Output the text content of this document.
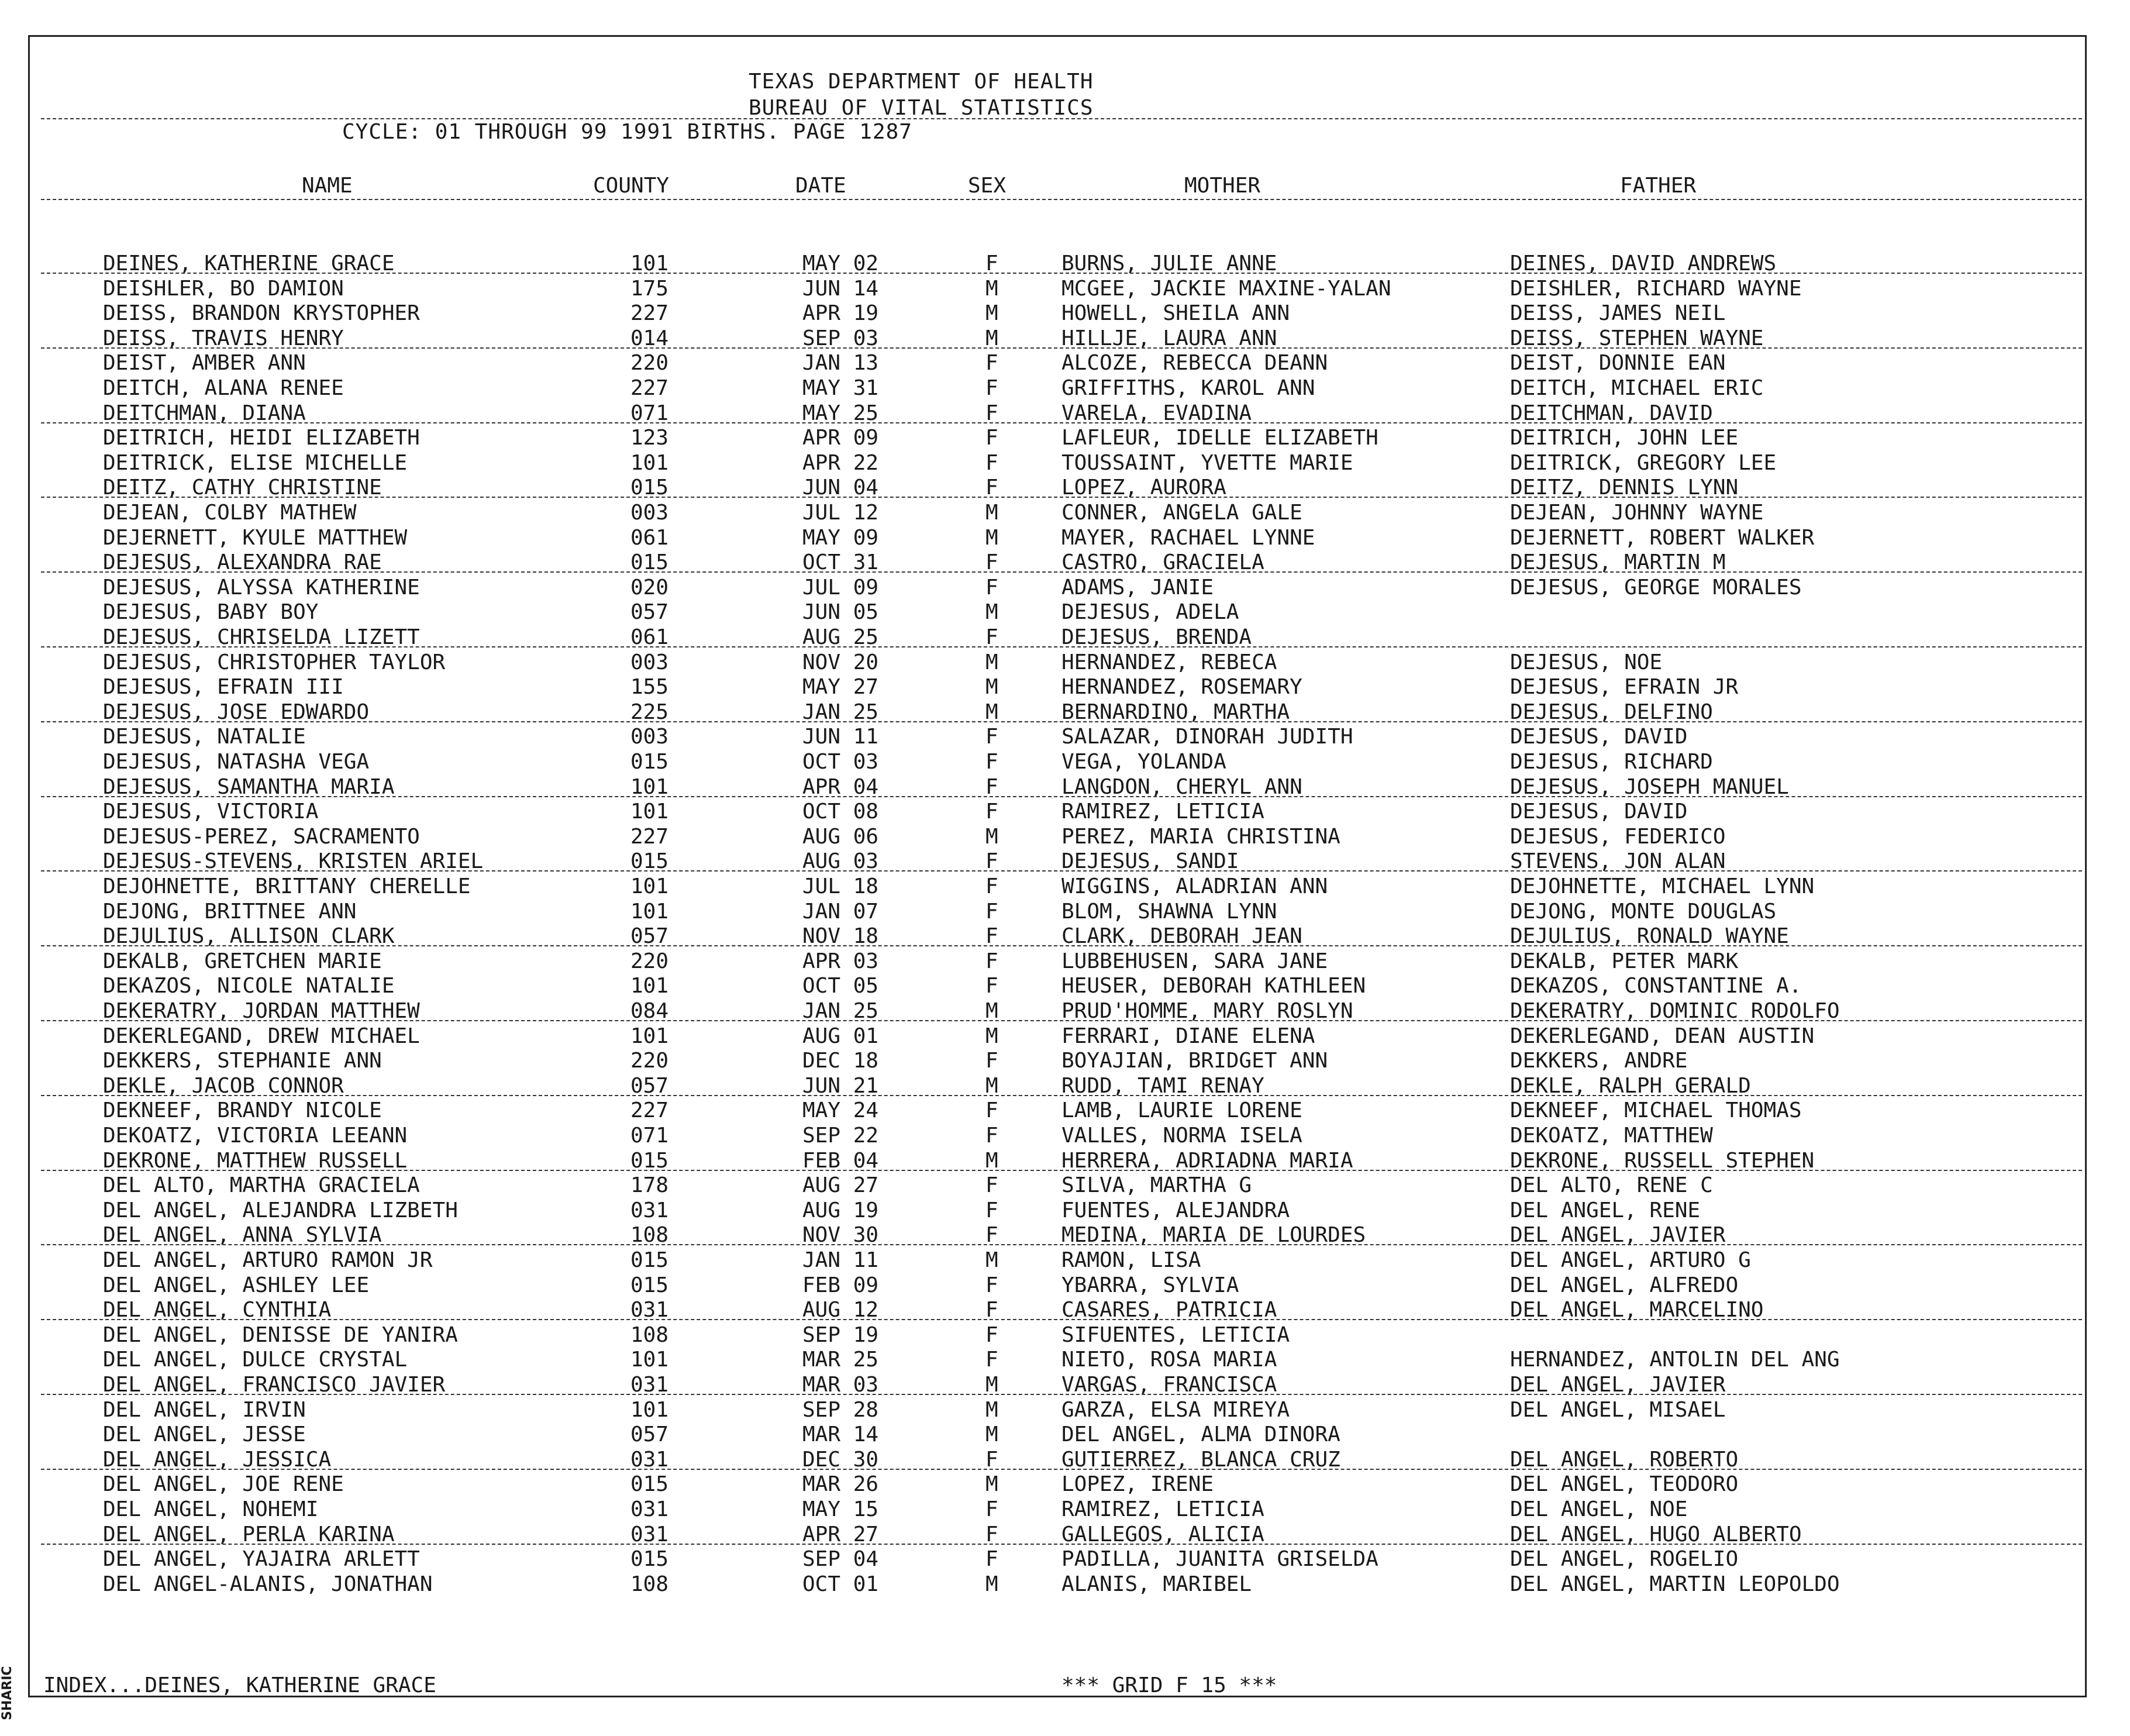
TEXAS DEPARTMENT OF HEALTH
BUREAU OF VITAL STATISTICS
CYCLE: 01 THROUGH 99 1991 BIRTHS. PAGE 1287
NAME	COUNTY	DATE	SEX	MOTHER	FATHER
DEINES, KATHERINE GRACE	101	MAY 02	F	BURNS, JULIE ANNE	DEINES, DAVID ANDREWS
DEISHLER, BO DAMION	175	JUN 14	M	MCGEE, JACKIE MAXINE-YALAN	DEISHLER, RICHARD WAYNE
DEISS, BRANDON KRYSTOPHER	227	APR 19	M	HOWELL, SHEILA ANN	DEISS, JAMES NEIL
DEISS, TRAVIS HENRY	014	SEP 03	M	HILLJE, LAURA ANN	DEISS, STEPHEN WAYNE
DEIST, AMBER ANN	220	JAN 13	F	ALCOZE, REBECCA DEANN	DEIST, DONNIE EAN
DEITCH, ALANA RENEE	227	MAY 31	F	GRIFFITHS, KAROL ANN	DEITCH, MICHAEL ERIC
DEITCHMAN, DIANA	071	MAY 25	F	VARELA, EVADINA	DEITCHMAN, DAVID
DEITRICH, HEIDI ELIZABETH	123	APR 09	F	LAFLEUR, IDELLE ELIZABETH	DEITRICH, JOHN LEE
DEITRICK, ELISE MICHELLE	101	APR 22	F	TOUSSAINT, YVETTE MARIE	DEITRICK, GREGORY LEE
DEITZ, CATHY CHRISTINE	015	JUN 04	F	LOPEZ, AURORA	DEITZ, DENNIS LYNN
DEJEAN, COLBY MATHEW	003	JUL 12	M	CONNER, ANGELA GALE	DEJEAN, JOHNNY WAYNE
DEJERNETT, KYULE MATTHEW	061	MAY 09	M	MAYER, RACHAEL LYNNE	DEJERNETT, ROBERT WALKER
DEJESUS, ALEXANDRA RAE	015	OCT 31	F	CASTRO, GRACIELA	DEJESUS, MARTIN M
DEJESUS, ALYSSA KATHERINE	020	JUL 09	F	ADAMS, JANIE	DEJESUS, GEORGE MORALES
DEJESUS, BABY BOY	057	JUN 05	M	DEJESUS, ADELA
DEJESUS, CHRISELDA LIZETT	061	AUG 25	F	DEJESUS, BRENDA
DEJESUS, CHRISTOPHER TAYLOR	003	NOV 20	M	HERNANDEZ, REBECA	DEJESUS, NOE
DEJESUS, EFRAIN III	155	MAY 27	M	HERNANDEZ, ROSEMARY	DEJESUS, EFRAIN JR
DEJESUS, JOSE EDWARDO	225	JAN 25	M	BERNARDINO, MARTHA	DEJESUS, DELFINO
DEJESUS, NATALIE	003	JUN 11	F	SALAZAR, DINORAH JUDITH	DEJESUS, DAVID
DEJESUS, NATASHA VEGA	015	OCT 03	F	VEGA, YOLANDA	DEJESUS, RICHARD
DEJESUS, SAMANTHA MARIA	101	APR 04	F	LANGDON, CHERYL ANN	DEJESUS, JOSEPH MANUEL
DEJESUS, VICTORIA	101	OCT 08	F	RAMIREZ, LETICIA	DEJESUS, DAVID
DEJESUS-PEREZ, SACRAMENTO	227	AUG 06	M	PEREZ, MARIA CHRISTINA	DEJESUS, FEDERICO
DEJESUS-STEVENS, KRISTEN ARIEL	015	AUG 03	F	DEJESUS, SANDI	STEVENS, JON ALAN
DEJOHNETTE, BRITTANY CHERELLE	101	JUL 18	F	WIGGINS, ALADRIAN ANN	DEJOHNETTE, MICHAEL LYNN
DEJONG, BRITTNEE ANN	101	JAN 07	F	BLOM, SHAWNA LYNN	DEJONG, MONTE DOUGLAS
DEJULIUS, ALLISON CLARK	057	NOV 18	F	CLARK, DEBORAH JEAN	DEJULIUS, RONALD WAYNE
DEKALB, GRETCHEN MARIE	220	APR 03	F	LUBBEHUSEN, SARA JANE	DEKALB, PETER MARK
DEKAZOS, NICOLE NATALIE	101	OCT 05	F	HEUSER, DEBORAH KATHLEEN	DEKAZOS, CONSTANTINE A.
DEKERATRY, JORDAN MATTHEW	084	JAN 25	M	PRUD'HOMME, MARY ROSLYN	DEKERATRY, DOMINIC RODOLFO
DEKERLEGAND, DREW MICHAEL	101	AUG 01	M	FERRARI, DIANE ELENA	DEKERLEGAND, DEAN AUSTIN
DEKKERS, STEPHANIE ANN	220	DEC 18	F	BOYAJIAN, BRIDGET ANN	DEKKERS, ANDRE
DEKLE, JACOB CONNOR	057	JUN 21	M	RUDD, TAMI RENAY	DEKLE, RALPH GERALD
DEKNEEF, BRANDY NICOLE	227	MAY 24	F	LAMB, LAURIE LORENE	DEKNEEF, MICHAEL THOMAS
DEKOATZ, VICTORIA LEEANN	071	SEP 22	F	VALLES, NORMA ISELA	DEKOATZ, MATTHEW
DEKRONE, MATTHEW RUSSELL	015	FEB 04	M	HERRERA, ADRIADNA MARIA	DEKRONE, RUSSELL STEPHEN
DEL ALTO, MARTHA GRACIELA	178	AUG 27	F	SILVA, MARTHA G	DEL ALTO, RENE C
DEL ANGEL, ALEJANDRA LIZBETH	031	AUG 19	F	FUENTES, ALEJANDRA	DEL ANGEL, RENE
DEL ANGEL, ANNA SYLVIA	108	NOV 30	F	MEDINA, MARIA DE LOURDES	DEL ANGEL, JAVIER
DEL ANGEL, ARTURO RAMON JR	015	JAN 11	M	RAMON, LISA	DEL ANGEL, ARTURO G
DEL ANGEL, ASHLEY LEE	015	FEB 09	F	YBARRA, SYLVIA	DEL ANGEL, ALFREDO
DEL ANGEL, CYNTHIA	031	AUG 12	F	CASARES, PATRICIA	DEL ANGEL, MARCELINO
DEL ANGEL, DENISSE DE YANIRA	108	SEP 19	F	SIFUENTES, LETICIA
DEL ANGEL, DULCE CRYSTAL	101	MAR 25	F	NIETO, ROSA MARIA	HERNANDEZ, ANTOLIN DEL ANG
DEL ANGEL, FRANCISCO JAVIER	031	MAR 03	M	VARGAS, FRANCISCA	DEL ANGEL, JAVIER
DEL ANGEL, IRVIN	101	SEP 28	M	GARZA, ELSA MIREYA	DEL ANGEL, MISAEL
DEL ANGEL, JESSE	057	MAR 14	M	DEL ANGEL, ALMA DINORA
DEL ANGEL, JESSICA	031	DEC 30	F	GUTIERREZ, BLANCA CRUZ	DEL ANGEL, ROBERTO
DEL ANGEL, JOE RENE	015	MAR 26	M	LOPEZ, IRENE	DEL ANGEL, TEODORO
DEL ANGEL, NOHEMI	031	MAY 15	F	RAMIREZ, LETICIA	DEL ANGEL, NOE
DEL ANGEL, PERLA KARINA	031	APR 27	F	GALLEGOS, ALICIA	DEL ANGEL, HUGO ALBERTO
DEL ANGEL, YAJAIRA ARLETT	015	SEP 04	F	PADILLA, JUANITA GRISELDA	DEL ANGEL, ROGELIO
DEL ANGEL-ALANIS, JONATHAN	108	OCT 01	M	ALANIS, MARIBEL	DEL ANGEL, MARTIN LEOPOLDO
INDEX...DEINES, KATHERINE GRACE	*** GRID F 15 ***
SHARIC
